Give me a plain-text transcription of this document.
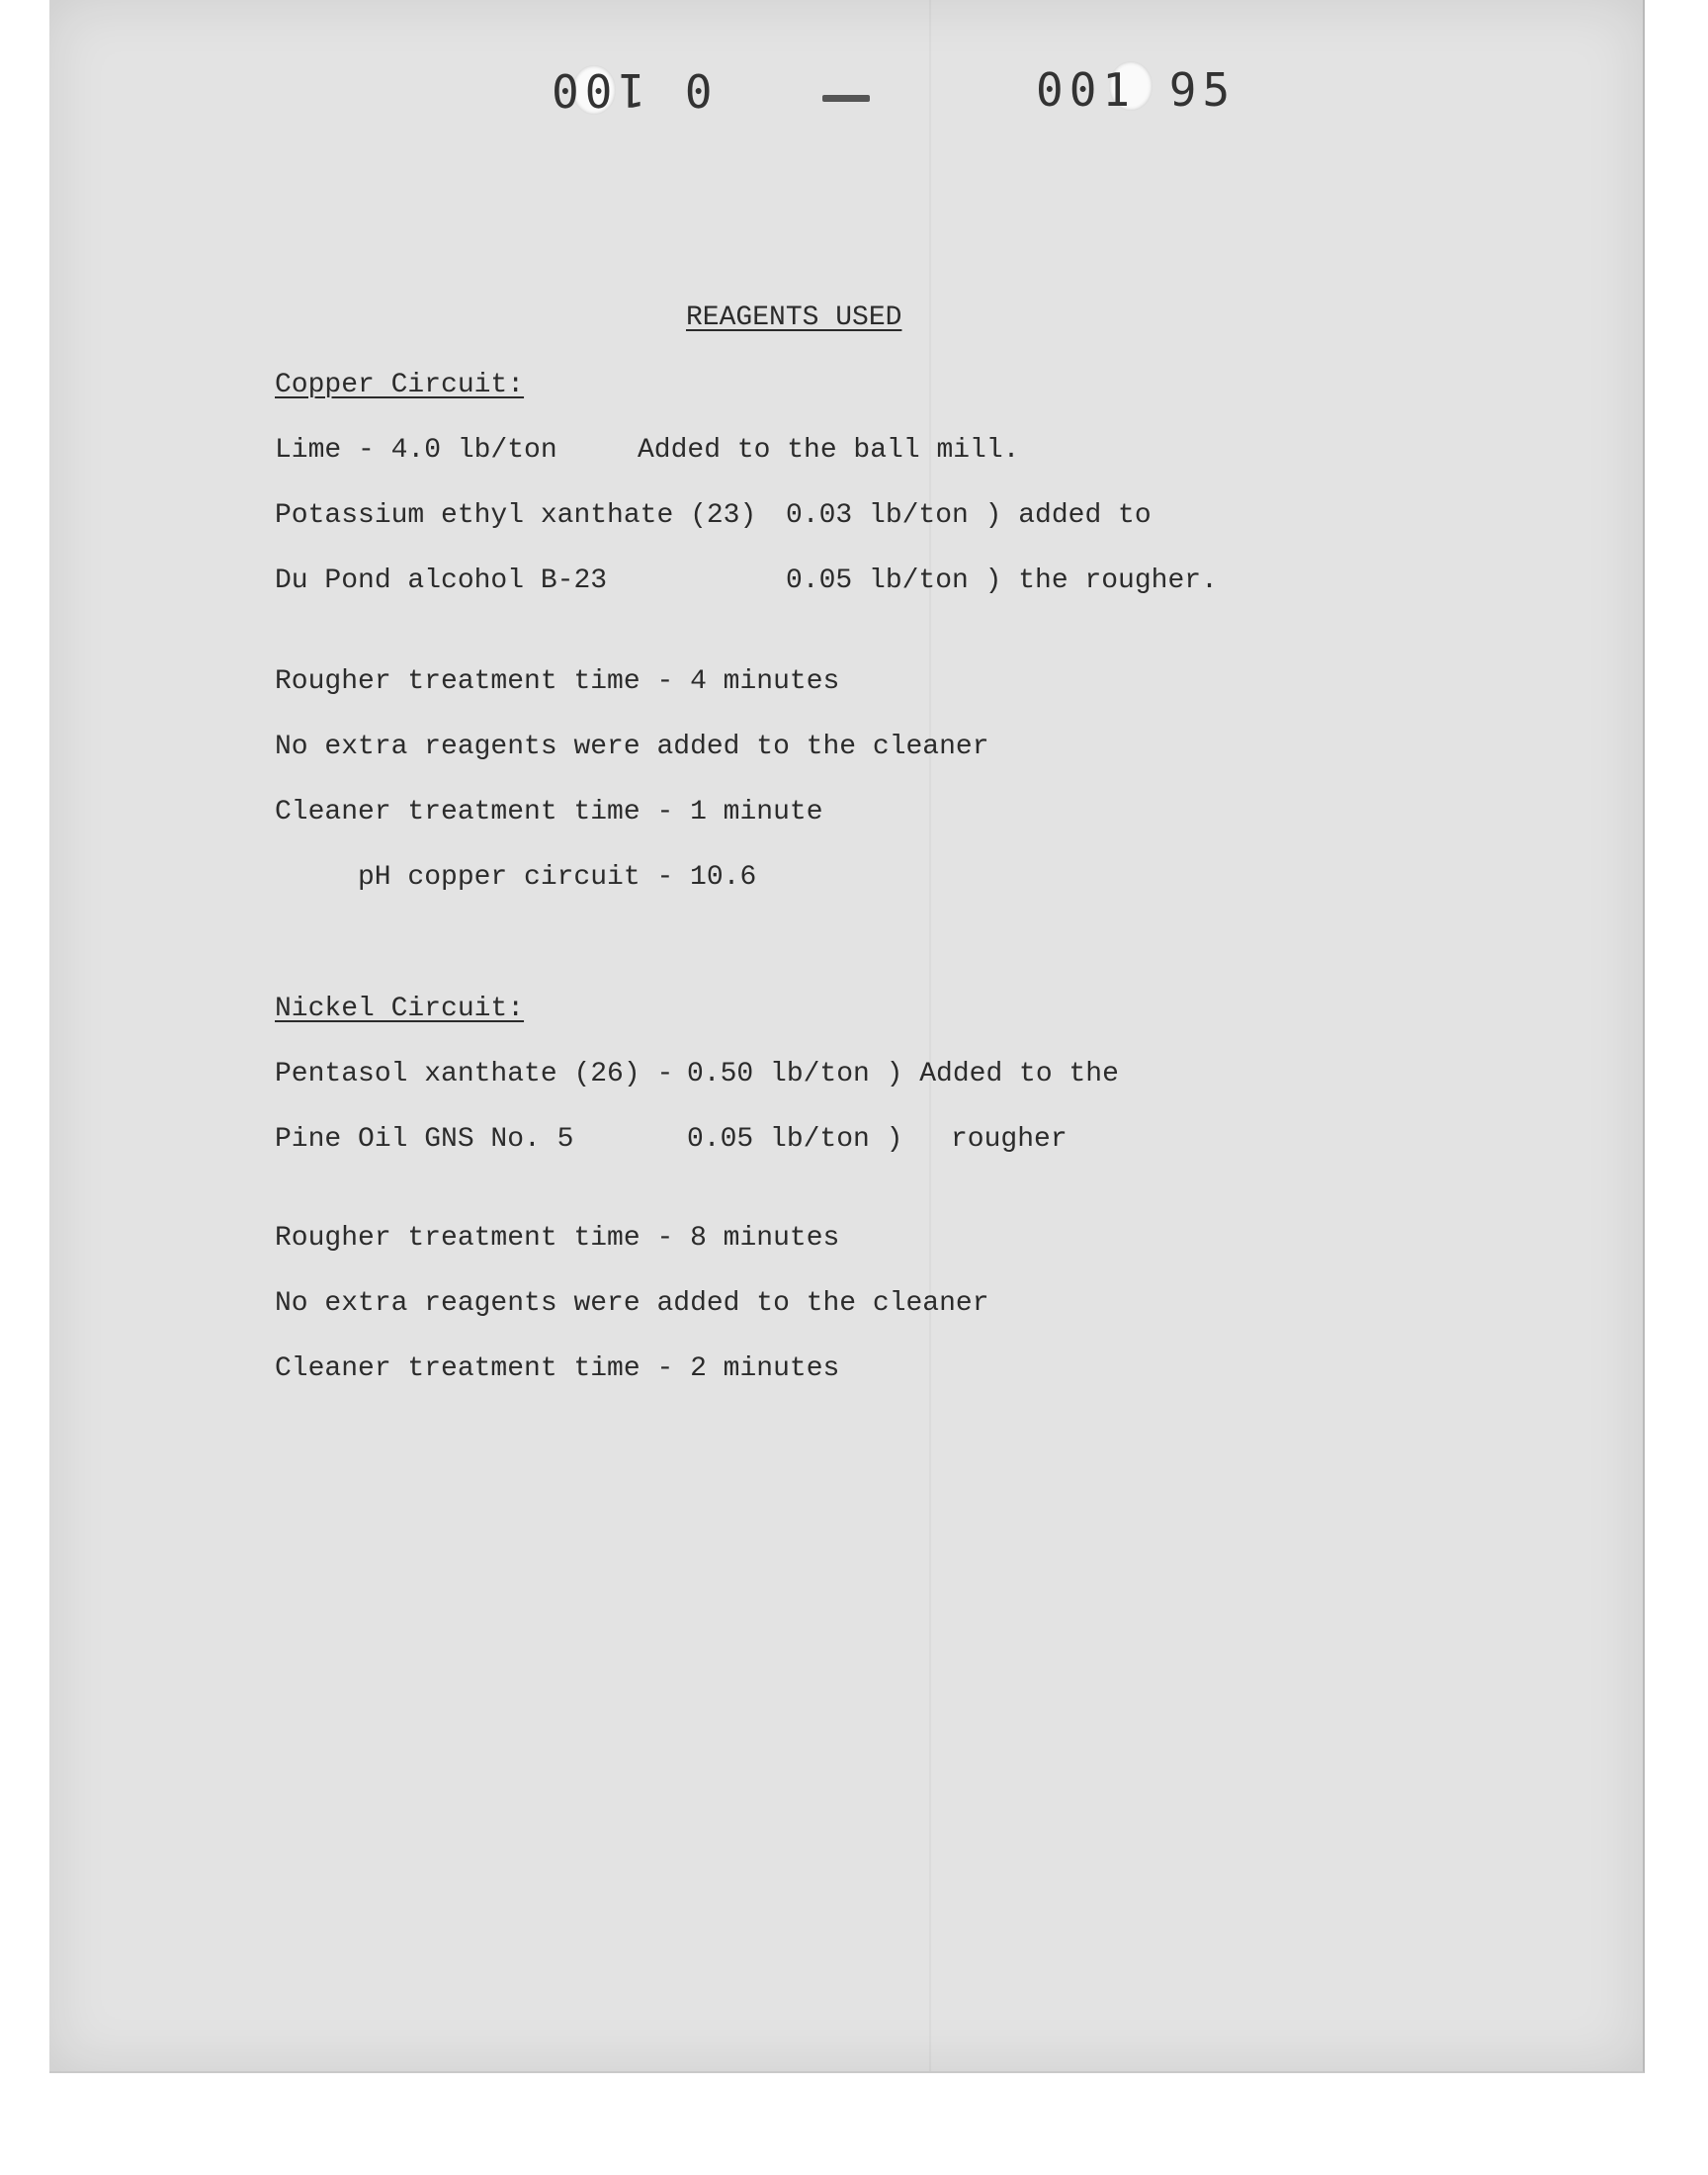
0 100	001 95
REAGENTS USED
Copper Circuit:
Lime - 4.0 lb/ton	Added to the ball mill.
Potassium ethyl xanthate (23) 0.03 lb/ton ) added to
Du Pond alcohol B-23	0.05 lb/ton ) the rougher.
Rougher treatment time - 4 minutes
No extra reagents were added to the cleaner
Cleaner treatment time - 1 minute
pH copper circuit - 10.6
Nickel Circuit:
Pentasol xanthate (26) - 0.50 lb/ton ) Added to the
Pine Oil GNS No. 5	0.05 lb/ton ) rougher
Rougher treatment time - 8 minutes
No extra reagents were added to the cleaner
Cleaner treatment time - 2 minutes
